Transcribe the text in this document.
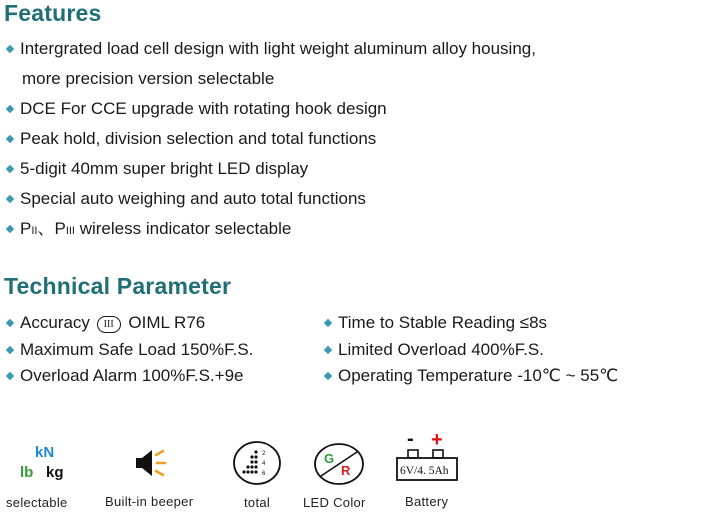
Features
Intergrated load cell design with light weight aluminum alloy housing,
more precision version selectable
DCE For CCE upgrade with rotating hook design
Peak hold, division selection and total functions
5-digit 40mm super bright LED display
Special auto weighing and auto total functions
PII、PIII wireless indicator selectable
Technical Parameter
Accuracy III OIML R76
Maximum Safe Load 150%F.S.
Overload Alarm 100%F.S.+9e
Time to Stable Reading ≤8s
Limited Overload 400%F.S.
Operating Temperature -10℃ ~ 55℃
kN
lb kg
selectable	Built-in beeper
2
4
6
total
G
R
LED Color
- +
6V/4. 5Ah
Battery
